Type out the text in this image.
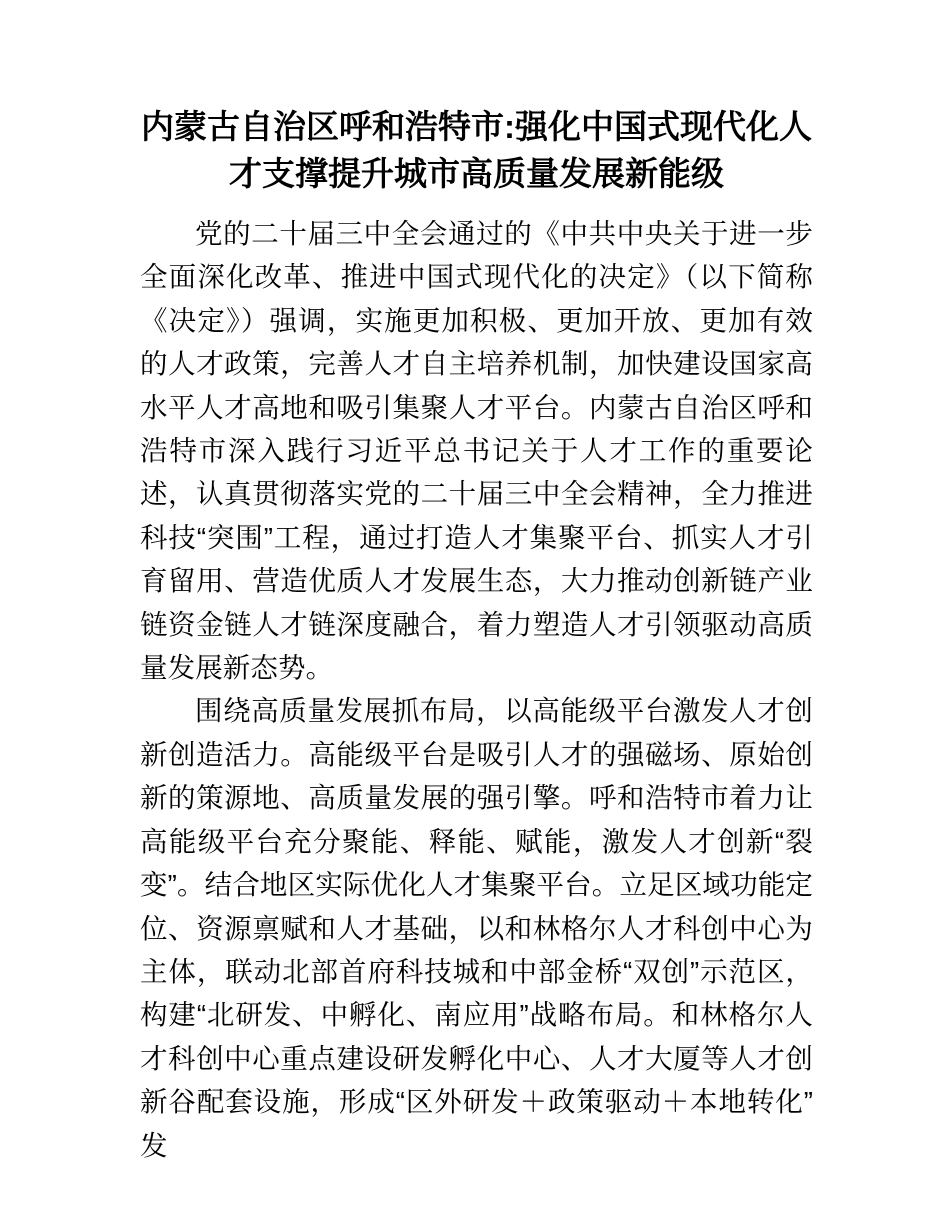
内蒙古自治区呼和浩特市:强化中国式现代化人
才支撑提升城市高质量发展新能级

党的二十届三中全会通过的《中共中央关于进一步全面深化改革、推进中国式现代化的决定》（以下简称《决定》）强调，实施更加积极、更加开放、更加有效的人才政策，完善人才自主培养机制，加快建设国家高水平人才高地和吸引集聚人才平台。内蒙古自治区呼和浩特市深入践行习近平总书记关于人才工作的重要论述，认真贯彻落实党的二十届三中全会精神，全力推进科技“突围”工程，通过打造人才集聚平台、抓实人才引育留用、营造优质人才发展生态，大力推动创新链产业链资金链人才链深度融合，着力塑造人才引领驱动高质量发展新态势。

围绕高质量发展抓布局，以高能级平台激发人才创新创造活力。高能级平台是吸引人才的强磁场、原始创新的策源地、高质量发展的强引擎。呼和浩特市着力让高能级平台充分聚能、释能、赋能，激发人才创新“裂变”。结合地区实际优化人才集聚平台。立足区域功能定位、资源禀赋和人才基础，以和林格尔人才科创中心为主体，联动北部首府科技城和中部金桥“双创”示范区，构建“北研发、中孵化、南应用”战略布局。和林格尔人才科创中心重点建设研发孵化中心、人才大厦等人才创新谷配套设施，形成“区外研发＋政策驱动＋本地转化”发
